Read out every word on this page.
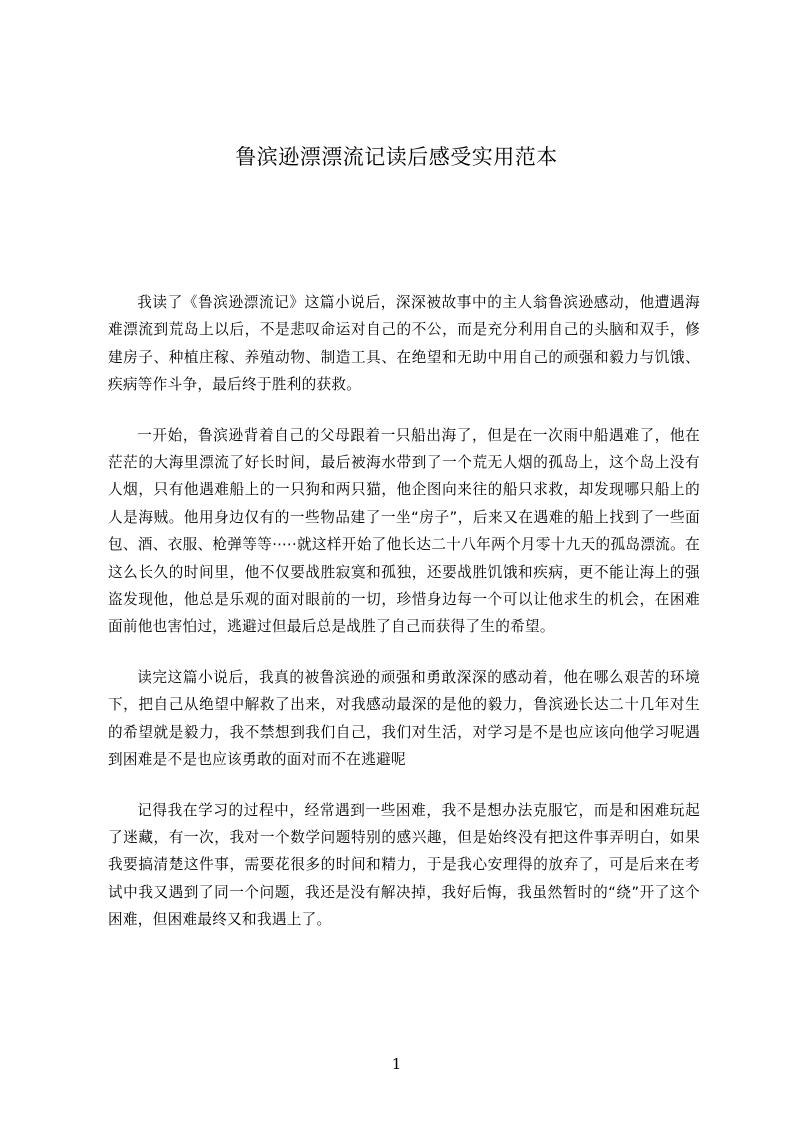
鲁滨逊漂漂流记读后感受实用范本

我读了《鲁滨逊漂流记》这篇小说后，深深被故事中的主人翁鲁滨逊感动，他遭遇海难漂流到荒岛上以后，不是悲叹命运对自己的不公，而是充分利用自己的头脑和双手，修建房子、种植庄稼、养殖动物、制造工具、在绝望和无助中用自己的顽强和毅力与饥饿、疾病等作斗争，最后终于胜利的获救。

一开始，鲁滨逊背着自己的父母跟着一只船出海了，但是在一次雨中船遇难了，他在茫茫的大海里漂流了好长时间，最后被海水带到了一个荒无人烟的孤岛上，这个岛上没有人烟，只有他遇难船上的一只狗和两只猫，他企图向来往的船只求救，却发现哪只船上的人是海贼。他用身边仅有的一些物品建了一坐“房子”，后来又在遇难的船上找到了一些面包、酒、衣服、枪弹等等·⋯·就这样开始了他长达二十八年两个月零十九天的孤岛漂流。在这么长久的时间里，他不仅要战胜寂寞和孤独，还要战胜饥饿和疾病，更不能让海上的强盗发现他，他总是乐观的面对眼前的一切，珍惜身边每一个可以让他求生的机会，在困难面前他也害怕过，逃避过但最后总是战胜了自己而获得了生的希望。

读完这篇小说后，我真的被鲁滨逊的顽强和勇敢深深的感动着，他在哪么艰苦的环境下，把自己从绝望中解救了出来，对我感动最深的是他的毅力，鲁滨逊长达二十几年对生的希望就是毅力，我不禁想到我们自己，我们对生活，对学习是不是也应该向他学习呢遇到困难是不是也应该勇敢的面对而不在逃避呢

记得我在学习的过程中，经常遇到一些困难，我不是想办法克服它，而是和困难玩起了迷藏，有一次，我对一个数学问题特别的感兴趣，但是始终没有把这件事弄明白，如果我要搞清楚这件事，需要花很多的时间和精力，于是我心安理得的放弃了，可是后来在考试中我又遇到了同一个问题，我还是没有解决掉，我好后悔，我虽然暂时的“绕”开了这个困难，但困难最终又和我遇上了。

1
